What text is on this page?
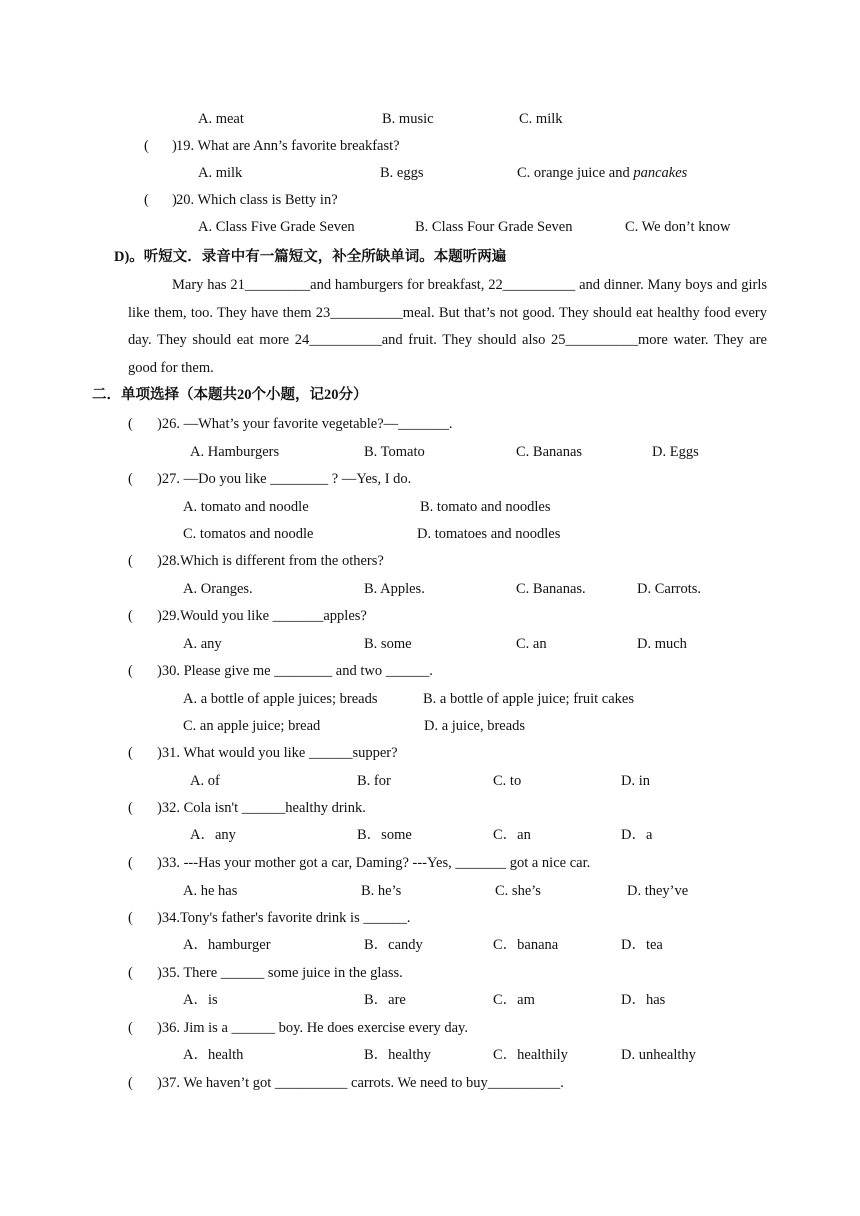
A. meat	B. music	C. milk
( ) 19. What are Ann’s favorite breakfast?
A. milk	B. eggs	C. orange juice and pancakes
( ) 20. Which class is Betty in?
A. Class Five Grade Seven	B. Class Four Grade Seven	C. We don’t know
D)。听短文．录音中有一篇短文，补全所缺单词。本题听两遍
Mary has 21_________and hamburgers for breakfast, 22__________ and dinner. Many boys and girls like them, too. They have them 23__________meal. But that’s not good. They should eat healthy food every day. They should eat more 24__________and fruit. They should also 25__________more water. They are good for them.
二．单项选择（本题共20个小题，记20分）
( )26. —What’s your favorite vegetable?—_______.
A. Hamburgers	B. Tomato	C. Bananas	D. Eggs
( )27. —Do you like ________ ? —Yes, I do.
A. tomato and noodle	B. tomato and noodles
C. tomatos and noodle	D. tomatoes and noodles
( )28.Which is different from the others?
A. Oranges.	B. Apples.	C. Bananas.	D. Carrots.
( )29.Would you like _______apples?
A. any	B. some	C. an	D. much
( )30. Please give me ________ and two ______.
A. a bottle of apple juices; breads	B. a bottle of apple juice; fruit cakes
C. an apple juice; bread	D. a juice, breads
( )31. What would you like ______supper?
A. of	B. for	C. to	D. in
( )32. Cola isn't ______healthy drink.
A．any	B．some	C．an	D．a
( )33. ---Has your mother got a car, Daming? ---Yes, _______ got a nice car.
A. he has	B. he’s	C. she’s	D. they’ve
( )34.Tony's father's favorite drink is ______.
A．hamburger	B．candy	C．banana	D．tea
( )35. There ______ some juice in the glass.
A．is	B．are	C．am	D．has
( )36. Jim is a ______ boy. He does exercise every day.
A．health	B．healthy	C．healthily	D. unhealthy
( )37. We haven’t got __________ carrots. We need to buy__________.
